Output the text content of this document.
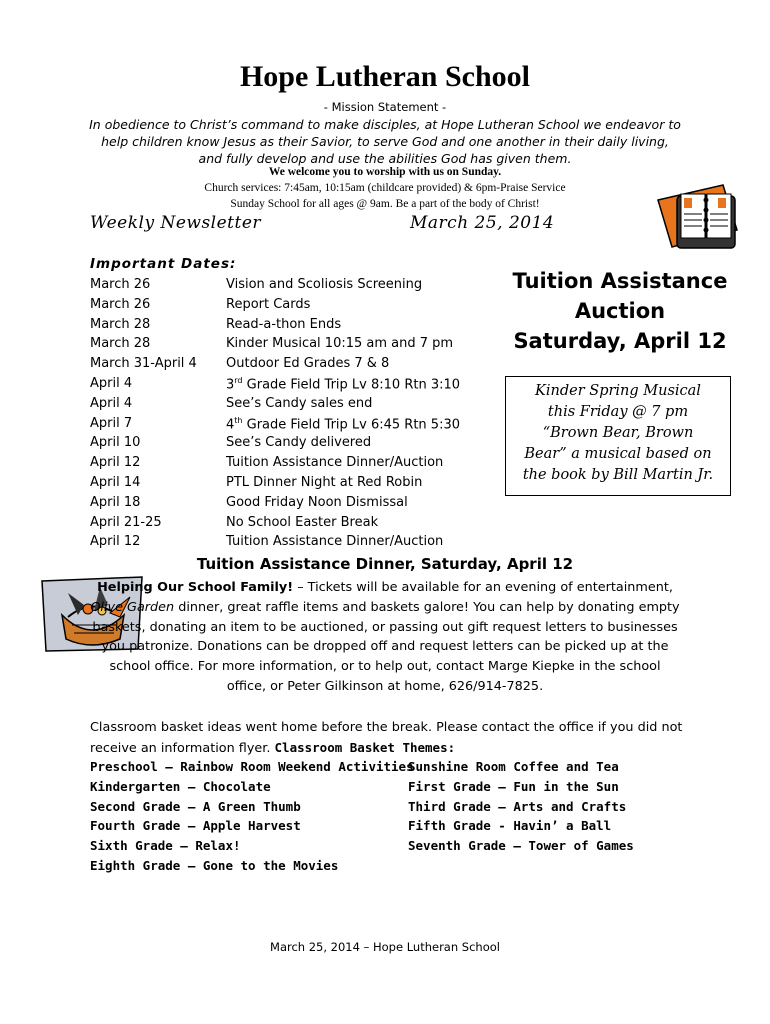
Hope Lutheran School
- Mission Statement -
In obedience to Christ’s command to make disciples, at Hope Lutheran School we endeavor to help children know Jesus as their Savior, to serve God and one another in their daily living, and fully develop and use the abilities God has given them.
We welcome you to worship with us on Sunday.
Church services: 7:45am, 10:15am (childcare provided) & 6pm-Praise Service
Sunday School for all ages @ 9am. Be a part of the body of Christ!
Weekly Newsletter	March 25, 2014
Important Dates:
March 26	Vision and Scoliosis Screening
March 26	Report Cards
March 28	Read-a-thon Ends
March 28	Kinder Musical 10:15 am and 7 pm
March 31-April 4	Outdoor Ed Grades 7 & 8
April 4	3rd Grade Field Trip Lv 8:10 Rtn 3:10
April 4	See’s Candy sales end
April 7	4th Grade Field Trip Lv 6:45 Rtn 5:30
April 10	See’s Candy delivered
April 12	Tuition Assistance Dinner/Auction
April 14	PTL Dinner Night at Red Robin
April 18	Good Friday Noon Dismissal
April 21-25	No School Easter Break
April 12	Tuition Assistance Dinner/Auction
Tuition Assistance
Auction
Saturday, April 12
Kinder Spring Musical
this Friday @ 7 pm
“Brown Bear, Brown
Bear” a musical based on
the book by Bill Martin Jr.
Tuition Assistance Dinner, Saturday, April 12
Helping Our School Family! – Tickets will be available for an evening of entertainment, Olive Garden dinner, great raffle items and baskets galore! You can help by donating empty baskets, donating an item to be auctioned, or passing out gift request letters to businesses you patronize. Donations can be dropped off and request letters can be picked up at the school office. For more information, or to help out, contact Marge Kiepke in the school office, or Peter Gilkinson at home, 626/914-7825.
Classroom basket ideas went home before the break. Please contact the office if you did not receive an information flyer. Classroom Basket Themes:
Preschool – Rainbow Room Weekend Activities
Kindergarten – Chocolate
Second Grade – A Green Thumb
Fourth Grade – Apple Harvest
Sixth Grade – Relax!
Eighth Grade – Gone to the Movies
Sunshine Room Coffee and Tea
First Grade – Fun in the Sun
Third Grade – Arts and Crafts
Fifth Grade - Havin’ a Ball
Seventh Grade – Tower of Games
March 25, 2014 – Hope Lutheran School
